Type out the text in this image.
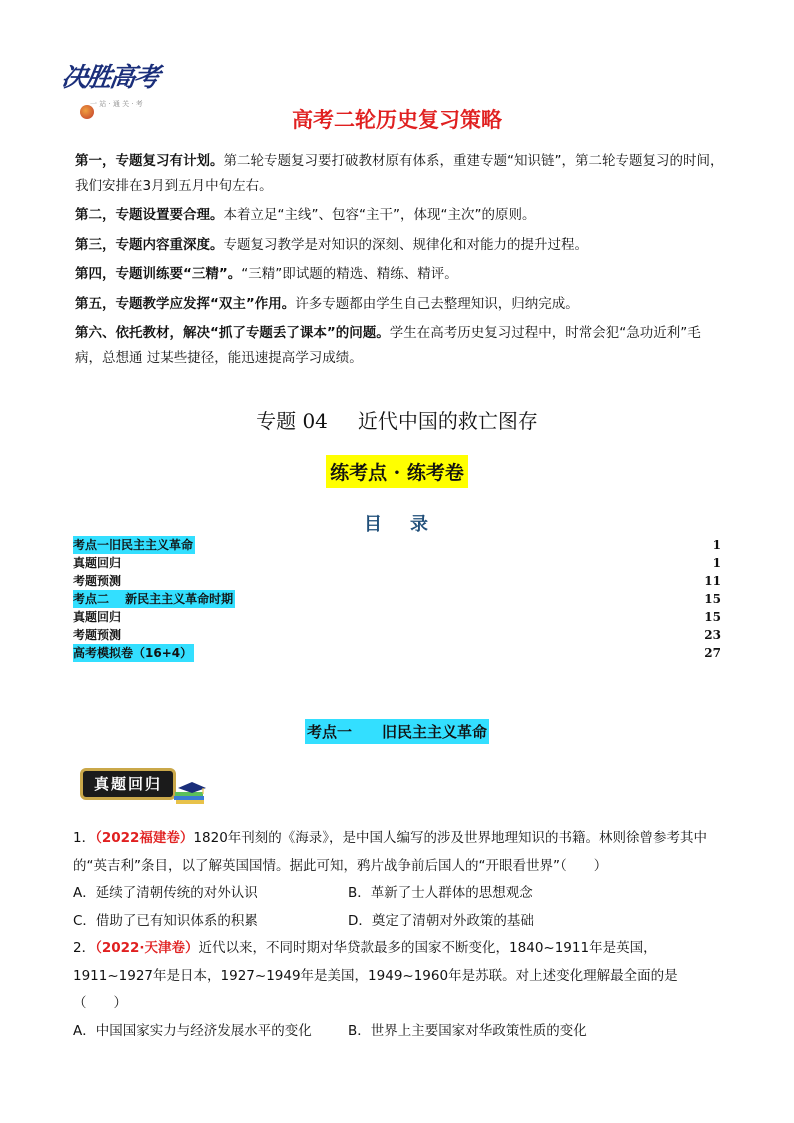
决胜高考
一 站 · 通 关 · 考
高考二轮历史复习策略

第一，专题复习有计划。第二轮专题复习要打破教材原有体系，重建专题“知识链”，第二轮专题复习的时间，我们安排在3月到五月中旬左右。

第二，专题设置要合理。本着立足“主线”、包容“主干”，体现“主次”的原则。

第三，专题内容重深度。专题复习教学是对知识的深刻、规律化和对能力的提升过程。

第四，专题训练要“三精”。“三精”即试题的精选、精练、精评。

第五，专题教学应发挥“双主”作用。许多专题都由学生自己去整理知识，归纳完成。

第六、依托教材，解决“抓了专题丢了课本”的问题。学生在高考历史复习过程中，时常会犯“急功近利”毛病，总想通 过某些捷径，能迅速提高学习成绩。

专题 04 近代中国的救亡图存
练考点 · 练考卷
目 录
考点一旧民主主义革命	1
真题回归	1
考题预测	11
考点二　 新民主主义革命时期	15
真题回归	15
考题预测	23
高考模拟卷（16+4）	27
考点一 旧民主主义革命
真题回归
1．（2022福建卷）1820年刊刻的《海录》，是中国人编写的涉及世界地理知识的书籍。林则徐曾参考其中的“英吉利”条目，以了解英国国情。据此可知，鸦片战争前后国人的“开眼看世界”（　　）
A．延续了清朝传统的对外认识	B．革新了士人群体的思想观念
C．借助了已有知识体系的积累	D．奠定了清朝对外政策的基础
2．（2022·天津卷）近代以来，不同时期对华贷款最多的国家不断变化，1840~1911年是英国，1911~1927年是日本，1927~1949年是美国，1949~1960年是苏联。对上述变化理解最全面的是（　　）
A．中国国家实力与经济发展水平的变化	B．世界上主要国家对华政策性质的变化
